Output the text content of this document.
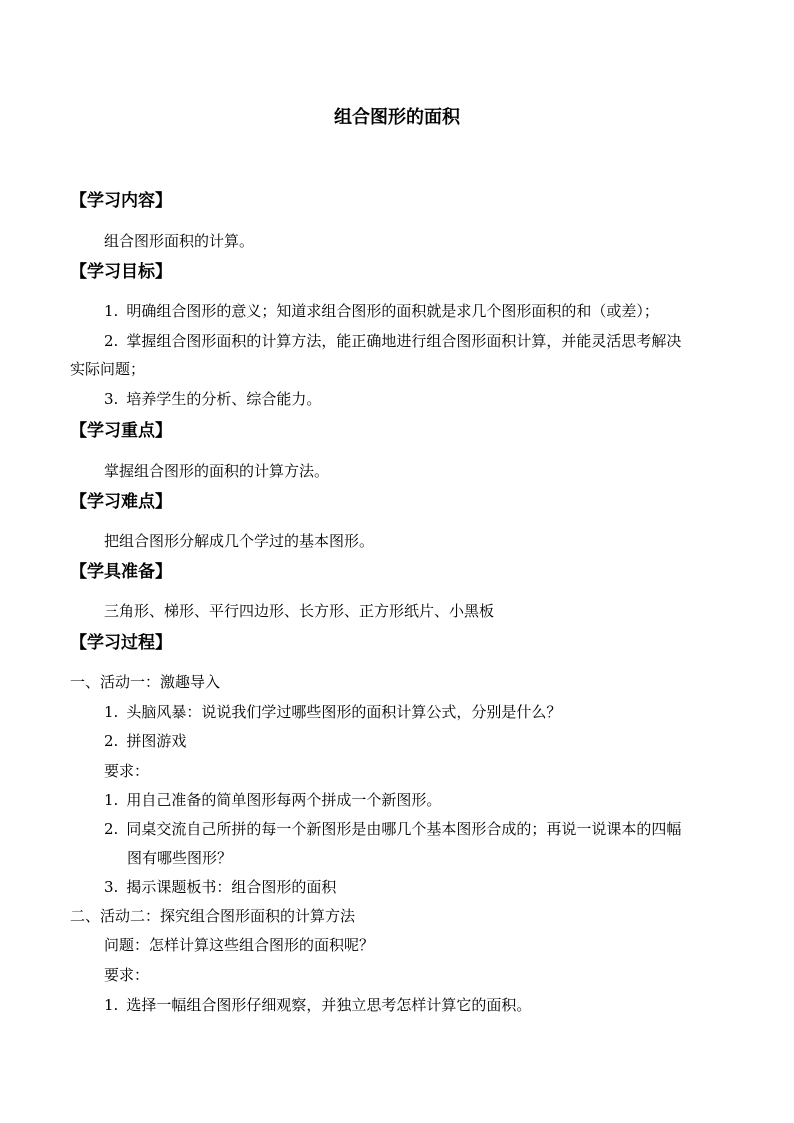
组合图形的面积
【学习内容】
组合图形面积的计算。
【学习目标】
1. 明确组合图形的意义；知道求组合图形的面积就是求几个图形面积的和（或差）；
2. 掌握组合图形面积的计算方法，能正确地进行组合图形面积计算，并能灵活思考解决
实际问题；
3. 培养学生的分析、综合能力。
【学习重点】
掌握组合图形的面积的计算方法。
【学习难点】
把组合图形分解成几个学过的基本图形。
【学具准备】
三角形、梯形、平行四边形、长方形、正方形纸片、小黑板
【学习过程】
一、活动一：激趣导入
1. 头脑风暴：说说我们学过哪些图形的面积计算公式，分别是什么？
2. 拼图游戏
要求：
1. 用自己准备的简单图形每两个拼成一个新图形。
2. 同桌交流自己所拼的每一个新图形是由哪几个基本图形合成的；再说一说课本的四幅
图有哪些图形？
3. 揭示课题板书：组合图形的面积
二、活动二：探究组合图形面积的计算方法
问题：怎样计算这些组合图形的面积呢？
要求：
1. 选择一幅组合图形仔细观察，并独立思考怎样计算它的面积。
